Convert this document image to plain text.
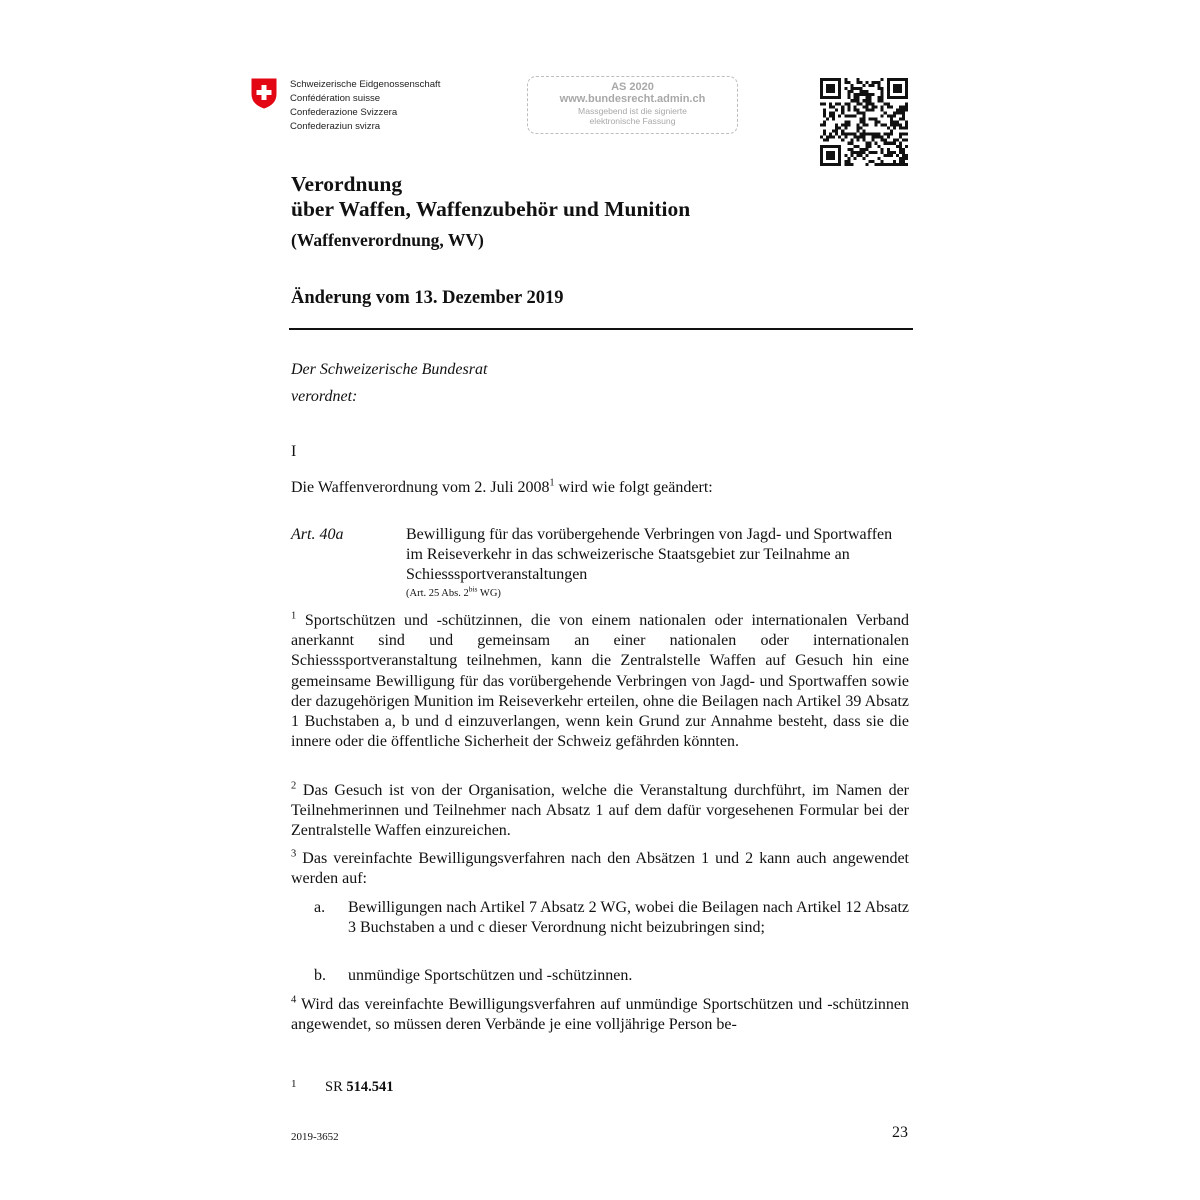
Schweizerische Eidgenossenschaft
Confédération suisse
Confederazione Svizzera
Confederaziun svizra
AS 2020
www.bundesrecht.admin.ch
Massgebend ist die signierte
elektronische Fassung
Verordnung
über Waffen, Waffenzubehör und Munition
(Waffenverordnung, WV)
Änderung vom 13. Dezember 2019
Der Schweizerische Bundesrat
verordnet:
I
Die Waffenverordnung vom 2. Juli 2008$^1$ wird wie folgt geändert:
Art. 40a	Bewilligung für das vorübergehende Verbringen von Jagd- und Sportwaffen im Reiseverkehr in das schweizerische Staatsgebiet zur Teilnahme an Schiesssportveranstaltungen
(Art. 25 Abs. $2^{bis}$ WG)
$^1$ Sportschützen und -schützinnen, die von einem nationalen oder internationalen Verband anerkannt sind und gemeinsam an einer nationalen oder internationalen Schiesssportveranstaltung teilnehmen, kann die Zentralstelle Waffen auf Gesuch hin eine gemeinsame Bewilligung für das vorübergehende Verbringen von Jagd- und Sportwaffen sowie der dazugehörigen Munition im Reiseverkehr erteilen, ohne die Beilagen nach Artikel 39 Absatz 1 Buchstaben a, b und d einzuverlangen, wenn kein Grund zur Annahme besteht, dass sie die innere oder die öffentliche Sicherheit der Schweiz gefährden könnten.
$^2$ Das Gesuch ist von der Organisation, welche die Veranstaltung durchführt, im Namen der Teilnehmerinnen und Teilnehmer nach Absatz 1 auf dem dafür vorgesehenen Formular bei der Zentralstelle Waffen einzureichen.
$^3$ Das vereinfachte Bewilligungsverfahren nach den Absätzen 1 und 2 kann auch angewendet werden auf:
a. Bewilligungen nach Artikel 7 Absatz 2 WG, wobei die Beilagen nach Artikel 12 Absatz 3 Buchstaben a und c dieser Verordnung nicht beizubringen sind;
b. unmündige Sportschützen und -schützinnen.
$^4$ Wird das vereinfachte Bewilligungsverfahren auf unmündige Sportschützen und -schützinnen angewendet, so müssen deren Verbände je eine volljährige Person be-
1 SR 514.541
2019-3652	23
